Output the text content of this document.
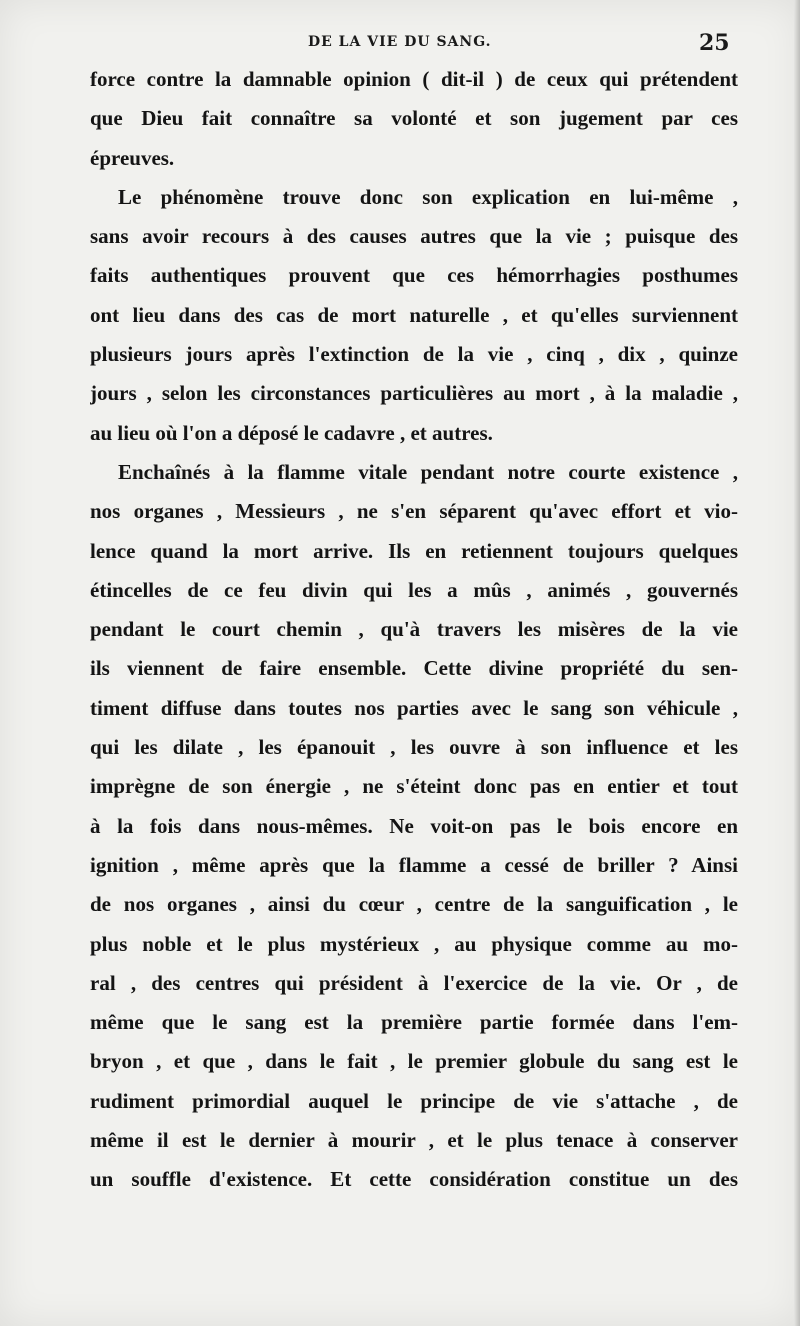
DE LA VIE DU SANG.	25
force contre la damnable opinion ( dit-il ) de ceux qui prétendent
que Dieu fait connaître sa volonté et son jugement par ces
épreuves.
Le phénomène trouve donc son explication en lui-même ,
sans avoir recours à des causes autres que la vie ; puisque des
faits authentiques prouvent que ces hémorrhagies posthumes
ont lieu dans des cas de mort naturelle , et qu'elles surviennent
plusieurs jours après l'extinction de la vie , cinq , dix , quinze
jours , selon les circonstances particulières au mort , à la maladie ,
au lieu où l'on a déposé le cadavre , et autres.
Enchaînés à la flamme vitale pendant notre courte existence ,
nos organes , Messieurs , ne s'en séparent qu'avec effort et vio-
lence quand la mort arrive. Ils en retiennent toujours quelques
étincelles de ce feu divin qui les a mûs , animés , gouvernés
pendant le court chemin , qu'à travers les misères de la vie
ils viennent de faire ensemble. Cette divine propriété du sen-
timent diffuse dans toutes nos parties avec le sang son véhicule ,
qui les dilate , les épanouit , les ouvre à son influence et les
imprègne de son énergie , ne s'éteint donc pas en entier et tout
à la fois dans nous-mêmes. Ne voit-on pas le bois encore en
ignition , même après que la flamme a cessé de briller ? Ainsi
de nos organes , ainsi du cœur , centre de la sanguification , le
plus noble et le plus mystérieux , au physique comme au mo-
ral , des centres qui président à l'exercice de la vie. Or , de
même que le sang est la première partie formée dans l'em-
bryon , et que , dans le fait , le premier globule du sang est le
rudiment primordial auquel le principe de vie s'attache , de
même il est le dernier à mourir , et le plus tenace à conserver
un souffle d'existence. Et cette considération constitue un des
